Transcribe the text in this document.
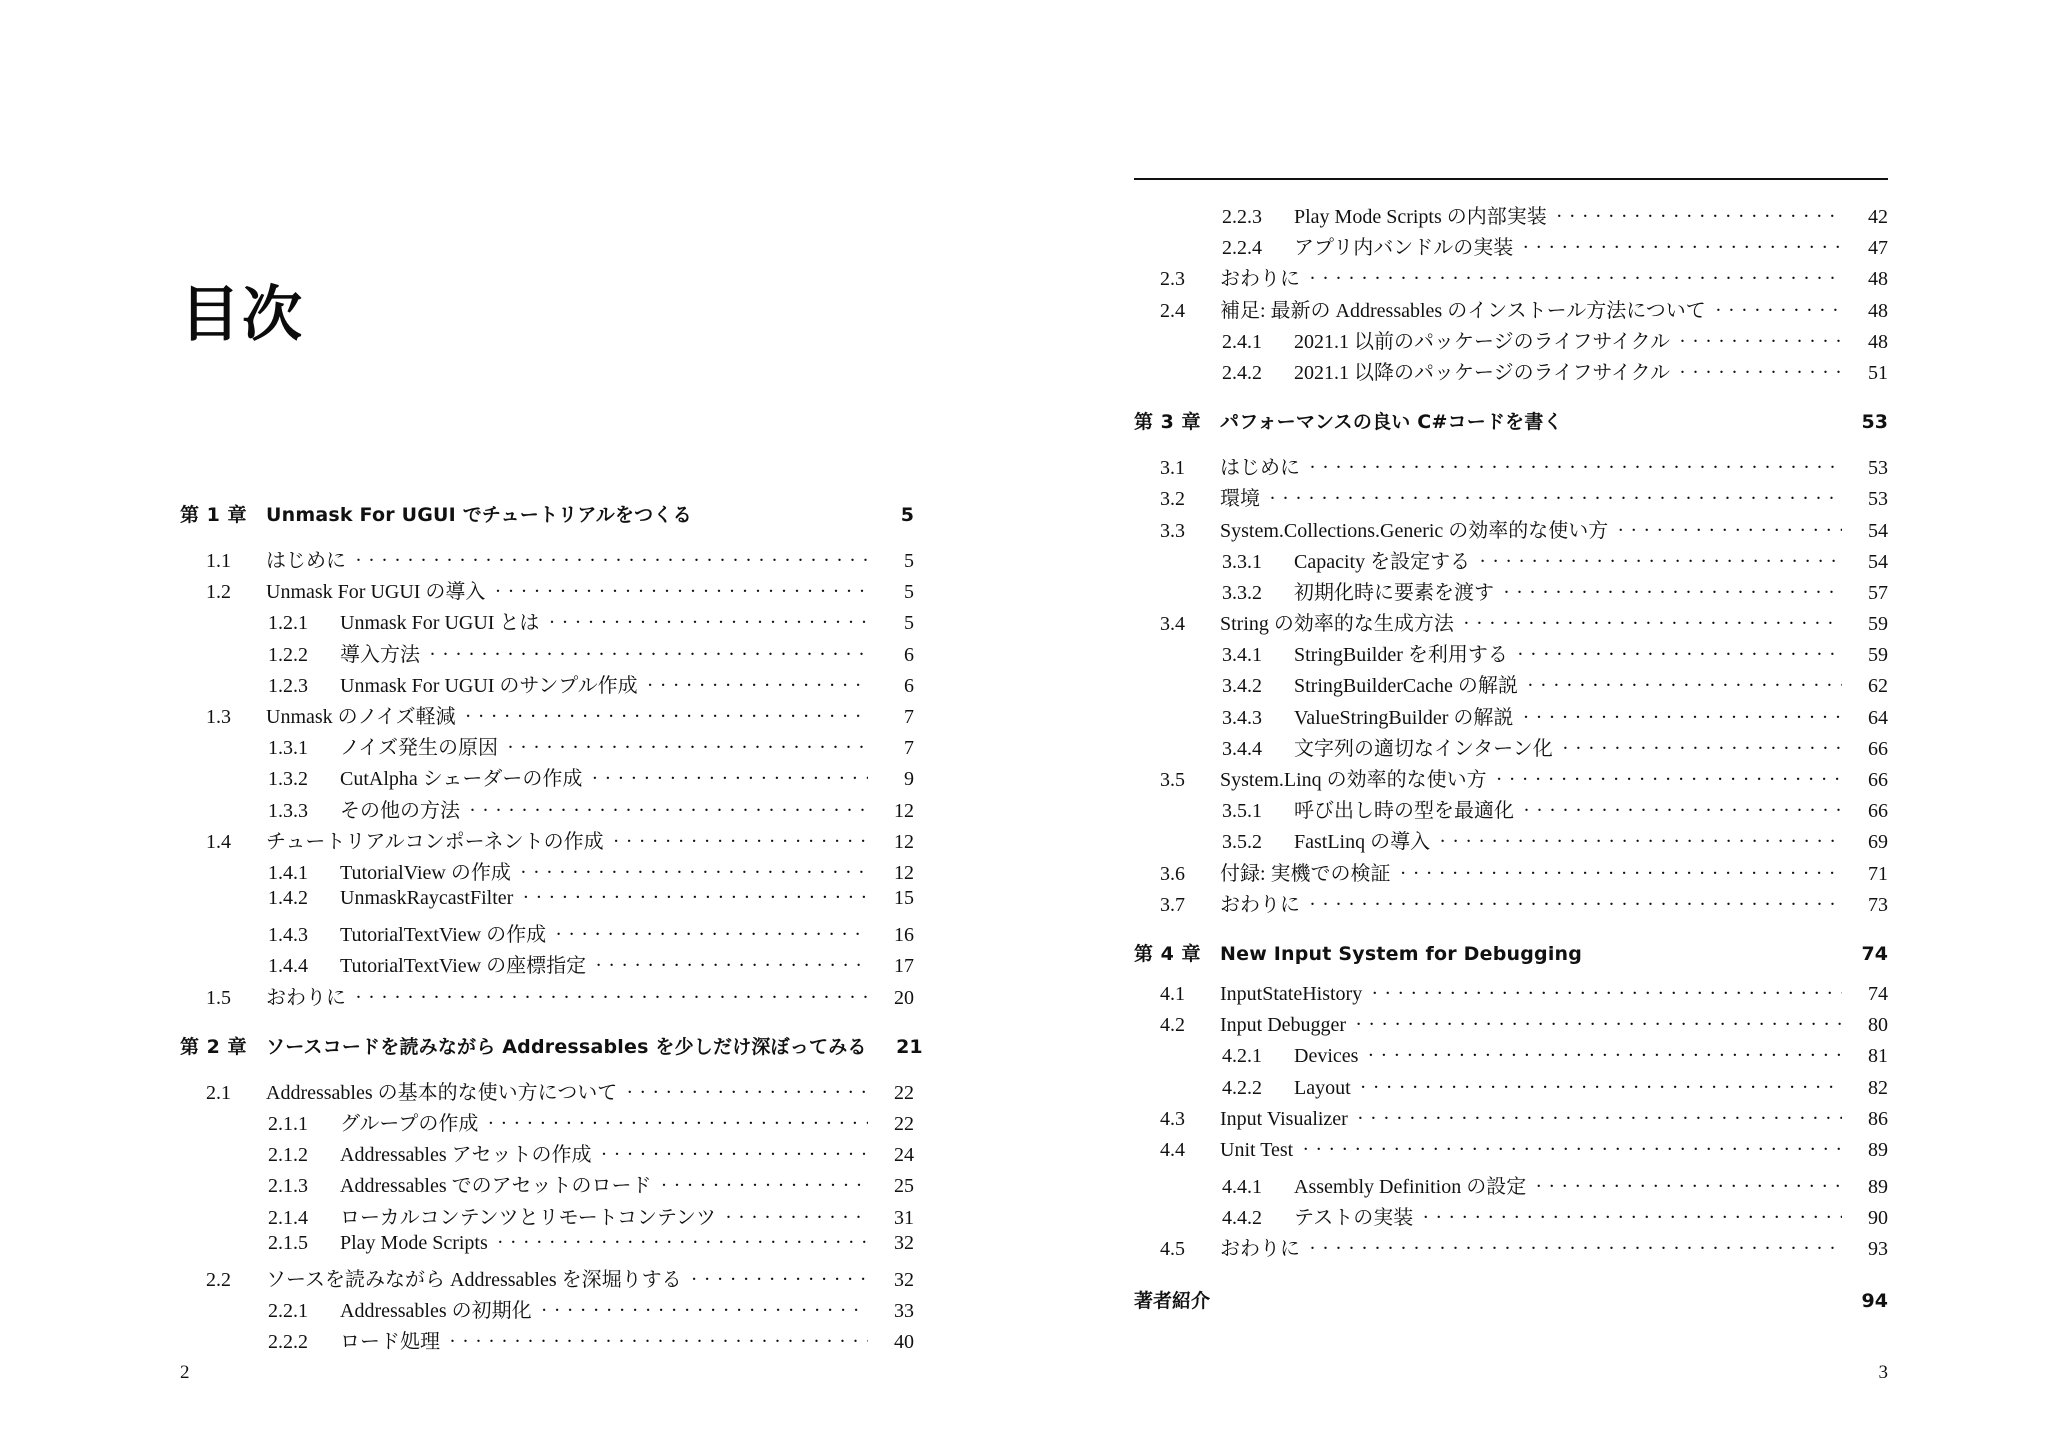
目次
第 1 章	Unmask For UGUI でチュートリアルをつくる	5
1.1	はじめに . . .	5
1.2	Unmask For UGUI の導入 . . .	5
1.2.1	Unmask For UGUI とは . . .	5
1.2.2	導入方法 . . .	6
1.2.3	Unmask For UGUI のサンプル作成 . . .	6
1.3	Unmask のノイズ軽減 . . .	7
1.3.1	ノイズ発生の原因 . . .	7
1.3.2	CutAlpha シェーダーの作成 . . .	9
1.3.3	その他の方法 . . .	12
1.4	チュートリアルコンポーネントの作成 . . .	12
1.4.1	TutorialView の作成 . . .	12
1.4.2	UnmaskRaycastFilter . . .	15
1.4.3	TutorialTextView の作成 . . .	16
1.4.4	TutorialTextView の座標指定 . . .	17
1.5	おわりに . . .	20
第 2 章	ソースコードを読みながら Addressables を少しだけ深ぼってみる	21
2.1	Addressables の基本的な使い方について . . .	22
2.1.1	グループの作成 . . .	22
2.1.2	Addressables アセットの作成 . . .	24
2.1.3	Addressables でのアセットのロード . . .	25
2.1.4	ローカルコンテンツとリモートコンテンツ . . .	31
2.1.5	Play Mode Scripts . . .	32
2.2	ソースを読みながら Addressables を深堀りする . . .	32
2.2.1	Addressables の初期化 . . .	33
2.2.2	ロード処理 . . .	40
2
2.2.3	Play Mode Scripts の内部実装 . . .	42
2.2.4	アプリ内バンドルの実装 . . .	47
2.3	おわりに . . .	48
2.4	補足: 最新の Addressables のインストール方法について . . .	48
2.4.1	2021.1 以前のパッケージのライフサイクル . . .	48
2.4.2	2021.1 以降のパッケージのライフサイクル . . .	51
第 3 章	パフォーマンスの良い C#コードを書く	53
3.1	はじめに . . .	53
3.2	環境 . . .	53
3.3	System.Collections.Generic の効率的な使い方 . . .	54
3.3.1	Capacity を設定する . . .	54
3.3.2	初期化時に要素を渡す . . .	57
3.4	String の効率的な生成方法 . . .	59
3.4.1	StringBuilder を利用する . . .	59
3.4.2	StringBuilderCache の解説 . . .	62
3.4.3	ValueStringBuilder の解説 . . .	64
3.4.4	文字列の適切なインターン化 . . .	66
3.5	System.Linq の効率的な使い方 . . .	66
3.5.1	呼び出し時の型を最適化 . . .	66
3.5.2	FastLinq の導入 . . .	69
3.6	付録: 実機での検証 . . .	71
3.7	おわりに . . .	73
第 4 章	New Input System for Debugging	74
4.1	InputStateHistory . . .	74
4.2	Input Debugger . . .	80
4.2.1	Devices . . .	81
4.2.2	Layout . . .	82
4.3	Input Visualizer . . .	86
4.4	Unit Test . . .	89
4.4.1	Assembly Definition の設定 . . .	89
4.4.2	テストの実装 . . .	90
4.5	おわりに . . .	93
著者紹介	94
3
